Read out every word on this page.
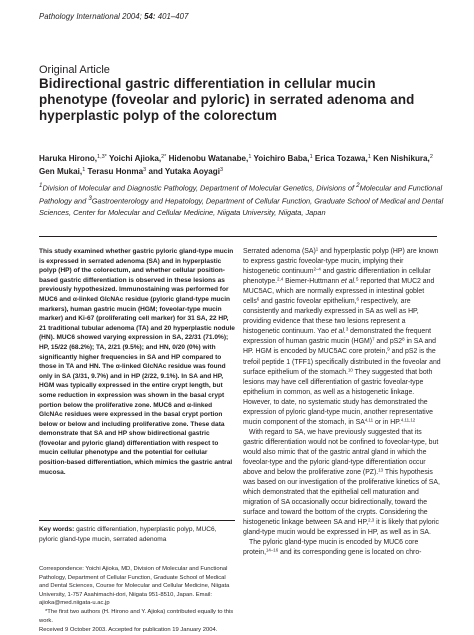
Pathology International 2004; 54: 401–407
Original Article
Bidirectional gastric differentiation in cellular mucin phenotype (foveolar and pyloric) in serrated adenoma and hyperplastic polyp of the colorectum
Haruka Hirono,$^{1,3*}$ Yoichi Ajioka,$^{2*}$ Hidenobu Watanabe,$^1$ Yoichiro Baba,$^1$ Erica Tozawa,$^1$ Ken Nishikura,$^2$
Gen Mukai,$^1$ Terasu Honma$^3$ and Yutaka Aoyagi$^3$
$^1$Division of Molecular and Diagnostic Pathology, Department of Molecular Genetics, Divisions of $^2$Molecular and Functional Pathology and $^3$Gastroenterology and Hepatology, Department of Cellular Function, Graduate School of Medical and Dental Sciences, Center for Molecular and Cellular Medicine, Niigata University, Niigata, Japan
This study examined whether gastric pyloric gland-type mucin is expressed in serrated adenoma (SA) and in hyperplastic polyp (HP) of the colorectum, and whether cellular position-based gastric differentiation is observed in these lesions as previously hypothesized. Immunostaining was performed for MUC6 and α-linked GlcNAc residue (pyloric gland-type mucin markers), human gastric mucin (HGM; foveolar-type mucin marker) and Ki-67 (proliferating cell marker) for 31 SA, 22 HP, 21 traditional tubular adenoma (TA) and 20 hyperplastic nodule (HN). MUC6 showed varying expression in SA, 22/31 (71.0%); HP, 15/22 (68.2%); TA, 2/21 (9.5%); and HN, 0/20 (0%) with significantly higher frequencies in SA and HP compared to those in TA and HN. The α-linked GlcNAc residue was found only in SA (3/31, 9.7%) and in HP (2/22, 9.1%). In SA and HP, HGM was typically expressed in the entire crypt length, but some reduction in expression was shown in the basal crypt portion below the proliferative zone. MUC6 and α-linked GlcNAc residues were expressed in the basal crypt portion below or below and including proliferative zone. These data demonstrate that SA and HP show bidirectional gastric (foveolar and pyloric gland) differentiation with respect to mucin cellular phenotype and the potential for cellular position-based differentiation, which mimics the gastric antral mucosa.
Key words: gastric differentiation, hyperplastic polyp, MUC6, pyloric gland-type mucin, serrated adenoma

Correspondence: Yoichi Ajioka, MD, Division of Molecular and Functional Pathology, Department of Cellular Function, Graduate School of Medical and Dental Sciences, Course for Molecular and Cellular Medicine, Niigata University, 1-757 Asahimachi-dori, Niigata 951-8510, Japan. Email: ajioka@med.niigata-u.ac.jp

*The first two authors (H. Hirono and Y. Ajioka) contributed equally to this work.

Received 9 October 2003. Accepted for publication 19 January 2004.

Serrated adenoma (SA)$^1$ and hyperplastic polyp (HP) are known to express gastric foveolar-type mucin, implying their histogenetic continuum$^{2-4}$ and gastric differentiation in cellular phenotype.$^{2,4}$ Biemer-Huttmann et al.$^5$ reported that MUC2 and MUC5AC, which are normally expressed in intestinal goblet cells$^6$ and gastric foveolar epithelium,$^6$ respectively, are consistently and markedly expressed in SA as well as HP, providing evidence that these two lesions represent a histogenetic continuum. Yao et al.$^3$ demonstrated the frequent expression of human gastric mucin (HGM)$^7$ and $pS2^8$ in SA and HP. HGM is encoded by MUC5AC core protein,$^9$ and pS2 is the trefoil peptide 1 (TFF1) specifically distributed in the foveolar and surface epithelium of the stomach.$^{10}$ They suggested that both lesions may have cell differentiation of gastric foveolar-type epithelium in common, as well as a histogenetic linkage. However, to date, no systematic study has demonstrated the expression of pyloric gland-type mucin, another representative mucin component of the stomach, in SA$^{4,11}$ or in HP.$^{4,11,12}$

With regard to SA, we have previously suggested that its gastric differentiation would not be confined to foveolar-type, but would also mimic that of the gastric antral gland in which the foveolar-type and the pyloric gland-type differentiation occur above and below the proliferative zone (PZ).$^{13}$ This hypothesis was based on our investigation of the proliferative kinetics of SA, which demonstrated that the epithelial cell maturation and migration of SA occasionally occur bidirectionally, toward the surface and toward the bottom of the crypts. Considering the histogenetic linkage between SA and HP,$^{2,3}$ it is likely that pyloric gland-type mucin would be expressed in HP, as well as in SA.

The pyloric gland-type mucin is encoded by MUC6 core protein,$^{14-16}$ and its corresponding gene is located on chro-
